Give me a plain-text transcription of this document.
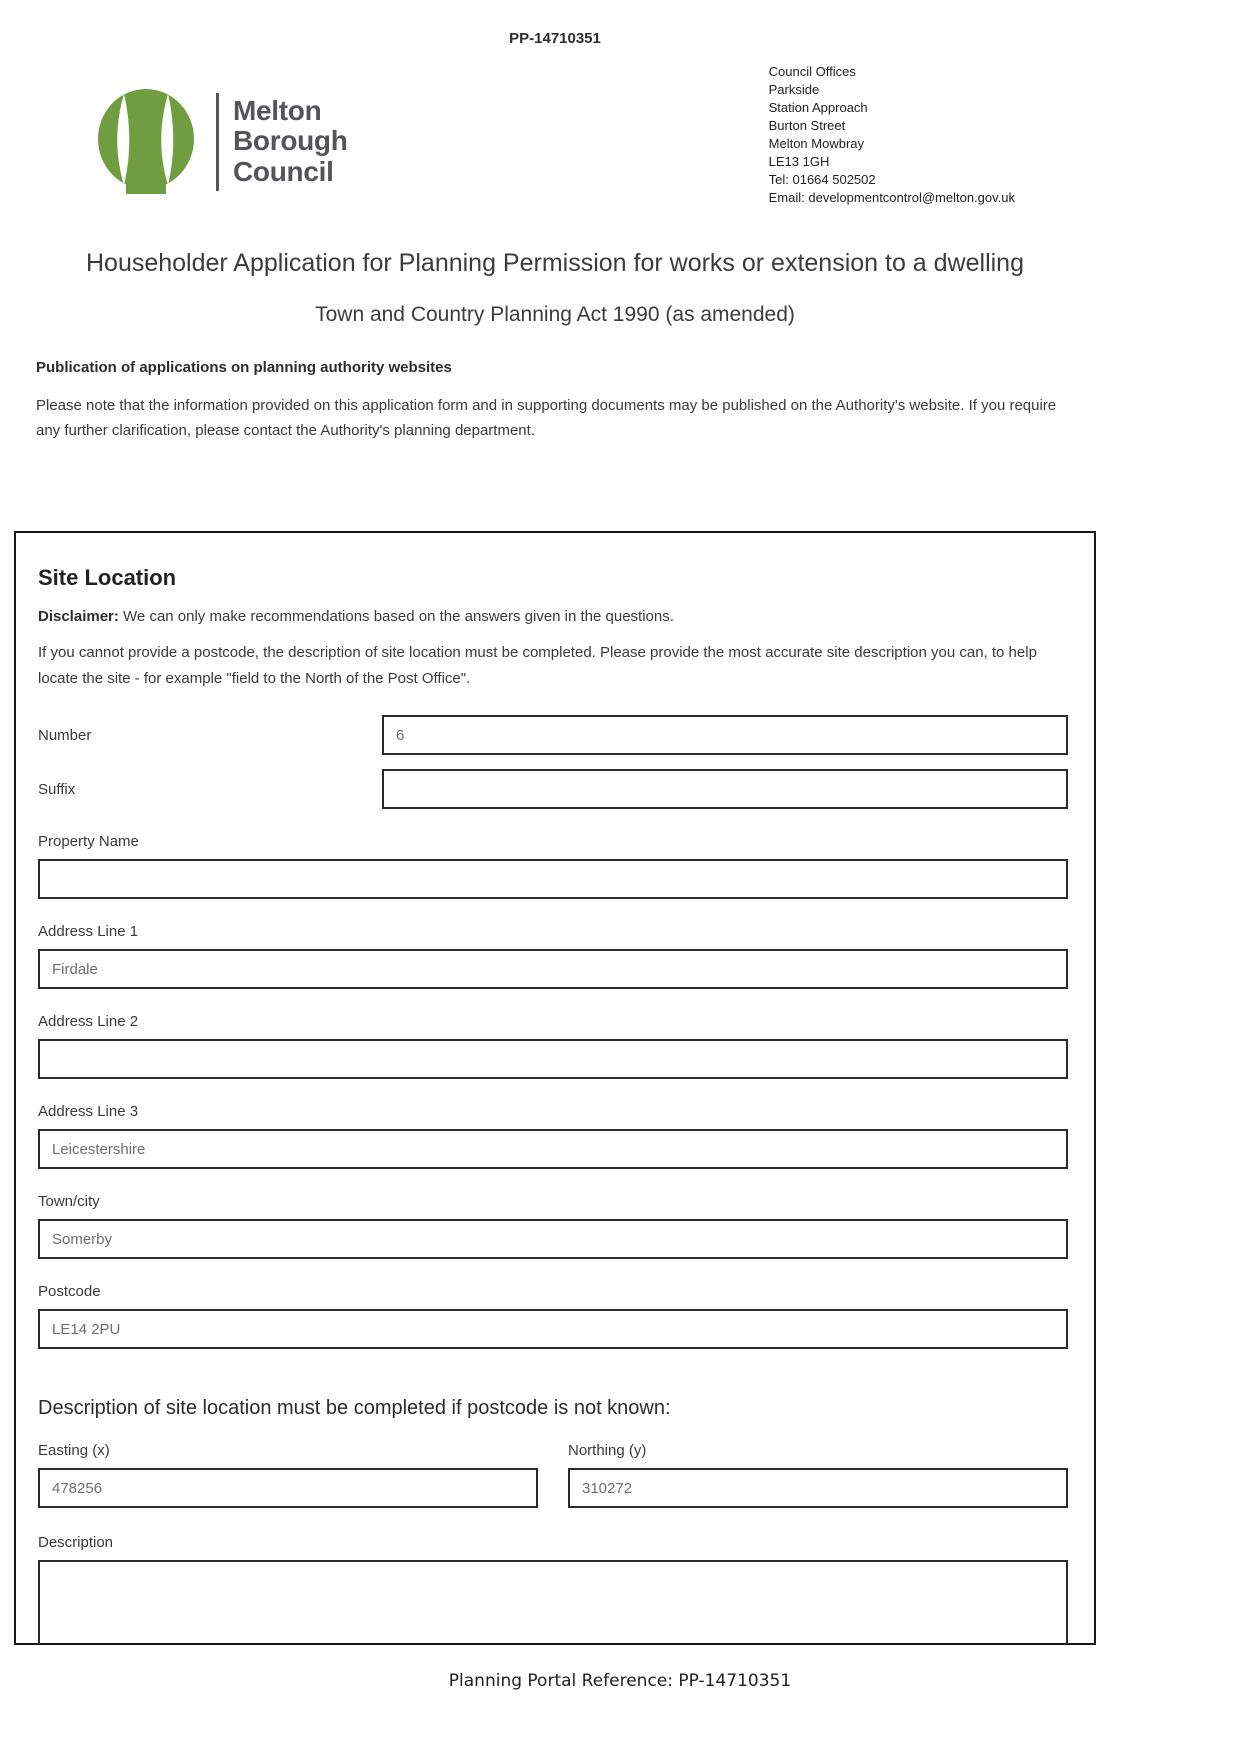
PP-14710351
Melton
Borough
Council
Council Offices
Parkside
Station Approach
Burton Street
Melton Mowbray
LE13 1GH
Tel: 01664 502502
Email: developmentcontrol@melton.gov.uk
Householder Application for Planning Permission for works or extension to a dwelling
Town and Country Planning Act 1990 (as amended)
Publication of applications on planning authority websites
Please note that the information provided on this application form and in supporting documents may be published on the Authority's website. If you require any further clarification, please contact the Authority's planning department.
Site Location
Disclaimer: We can only make recommendations based on the answers given in the questions.
If you cannot provide a postcode, the description of site location must be completed. Please provide the most accurate site description you can, to help locate the site - for example "field to the North of the Post Office".
Number
6
Suffix
Property Name
Address Line 1
Firdale
Address Line 2
Address Line 3
Leicestershire
Town/city
Somerby
Postcode
LE14 2PU
Description of site location must be completed if postcode is not known:
Easting (x)
478256	Northing (y)
310272
Description
Planning Portal Reference: PP-14710351
